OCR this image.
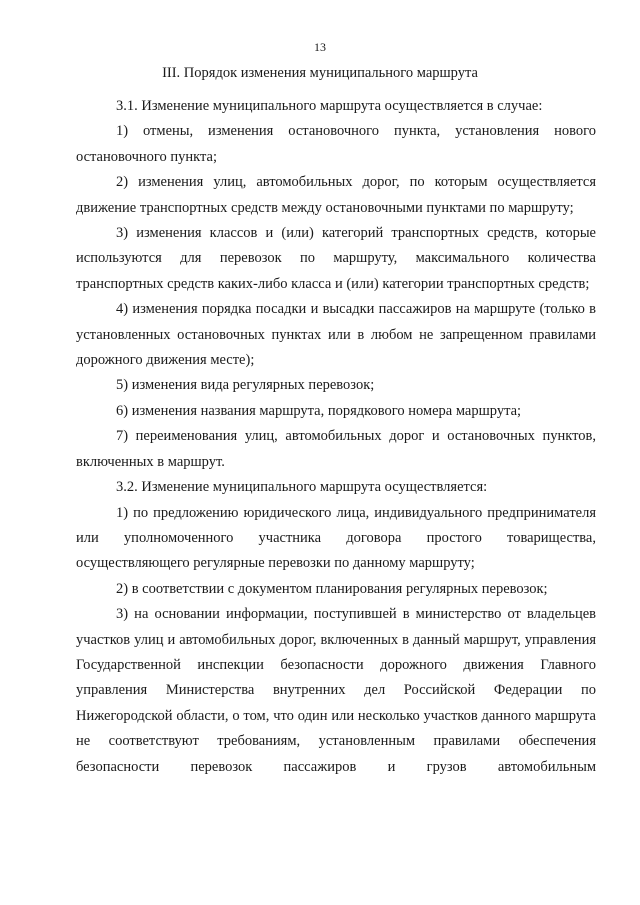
13
III. Порядок изменения муниципального маршрута

3.1. Изменение муниципального маршрута осуществляется в случае:

1) отмены, изменения остановочного пункта, установления нового остановочного пункта;

2) изменения улиц, автомобильных дорог, по которым осуществляется движение транспортных средств между остановочными пунктами по маршруту;

3) изменения классов и (или) категорий транспортных средств, которые используются для перевозок по маршруту, максимального количества транспортных средств каких-либо класса и (или) категории транспортных средств;

4) изменения порядка посадки и высадки пассажиров на маршруте (только в установленных остановочных пунктах или в любом не запрещенном правилами дорожного движения месте);

5) изменения вида регулярных перевозок;

6) изменения названия маршрута, порядкового номера маршрута;

7) переименования улиц, автомобильных дорог и остановочных пунктов, включенных в маршрут.

3.2. Изменение муниципального маршрута осуществляется:

1) по предложению юридического лица, индивидуального предпринимателя или уполномоченного участника договора простого товарищества, осуществляющего регулярные перевозки по данному маршруту;

2) в соответствии с документом планирования регулярных перевозок;

3) на основании информации, поступившей в министерство от владельцев участков улиц и автомобильных дорог, включенных в данный маршрут, управления Государственной инспекции безопасности дорожного движения Главного управления Министерства внутренних дел Российской Федерации по Нижегородской области, о том, что один или несколько участков данного маршрута не соответствуют требованиям, установленным правилами обеспечения безопасности перевозок пассажиров и грузов автомобильным
